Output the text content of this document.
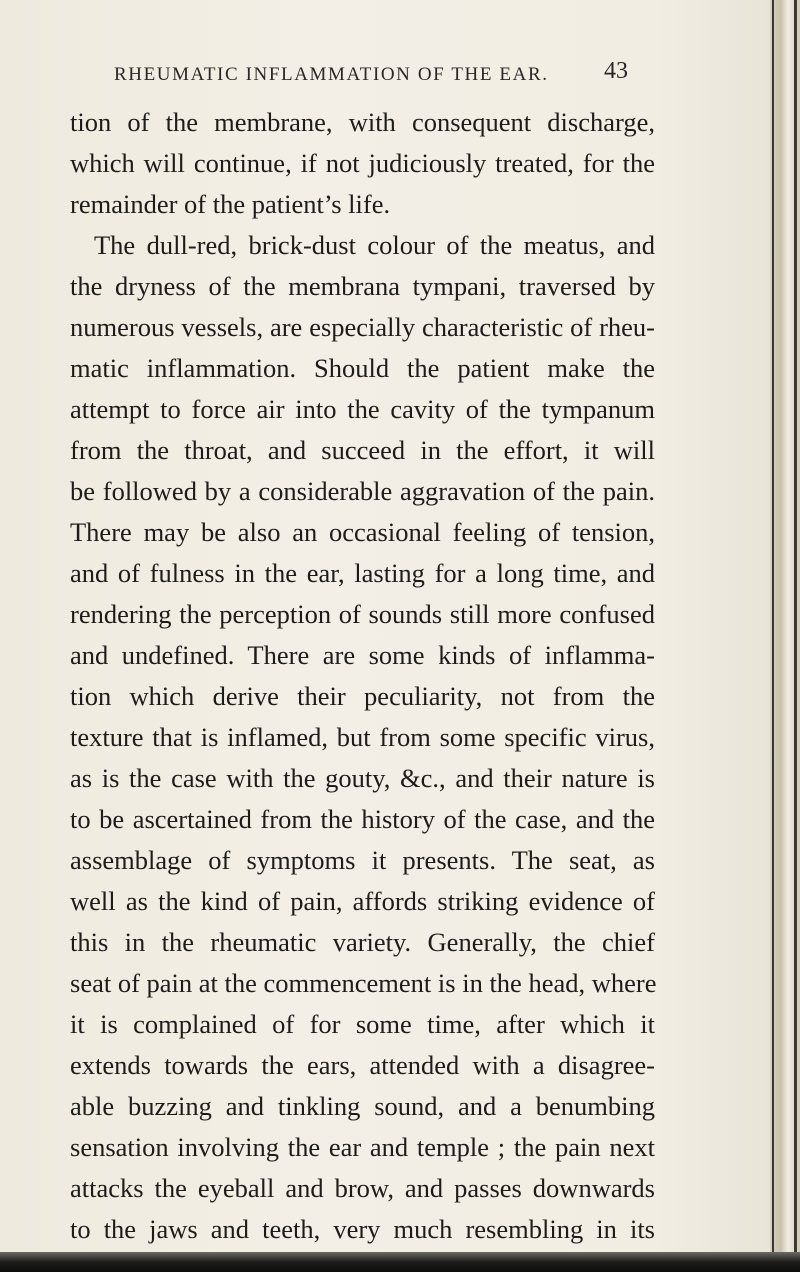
RHEUMATIC INFLAMMATION OF THE EAR. 43
tion of the membrane, with consequent discharge,
which will continue, if not judiciously treated, for the
remainder of the patient’s life.
The dull-red, brick-dust colour of the meatus, and
the dryness of the membrana tympani, traversed by
numerous vessels, are especially characteristic of rheu-
matic inflammation. Should the patient make the
attempt to force air into the cavity of the tympanum
from the throat, and succeed in the effort, it will
be followed by a considerable aggravation of the pain.
There may be also an occasional feeling of tension,
and of fulness in the ear, lasting for a long time, and
rendering the perception of sounds still more confused
and undefined. There are some kinds of inflamma-
tion which derive their peculiarity, not from the
texture that is inflamed, but from some specific virus,
as is the case with the gouty, &c., and their nature is
to be ascertained from the history of the case, and the
assemblage of symptoms it presents. The seat, as
well as the kind of pain, affords striking evidence of
this in the rheumatic variety. Generally, the chief
seat of pain at the commencement is in the head, where
it is complained of for some time, after which it
extends towards the ears, attended with a disagree-
able buzzing and tinkling sound, and a benumbing
sensation involving the ear and temple ; the pain next
attacks the eyeball and brow, and passes downwards
to the jaws and teeth, very much resembling in its
